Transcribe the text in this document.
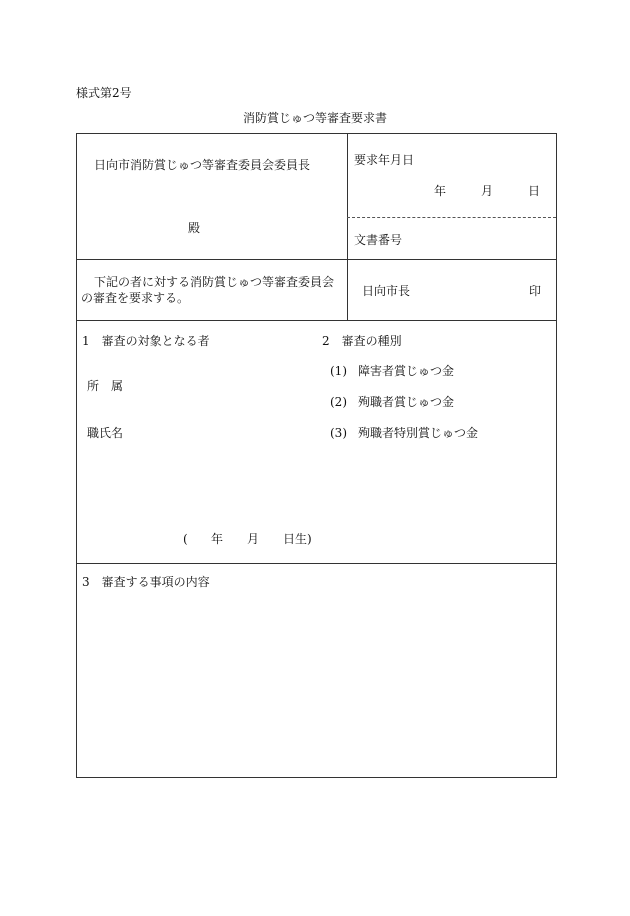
様式第2号
消防賞じゅつ等審査要求書
日向市消防賞じゅつ等審査委員会委員長
殿
要求年月日
年	月	日
文書番号
下記の者に対する消防賞じゅつ等審査委員会
の審査を要求する。	日向市長	印
1　審査の対象となる者
所　属
職氏名
( 年 月 日生)
2　審査の種別
(1) 障害者賞じゅつ金
(2) 殉職者賞じゅつ金
(3) 殉職者特別賞じゅつ金
3　審査する事項の内容
